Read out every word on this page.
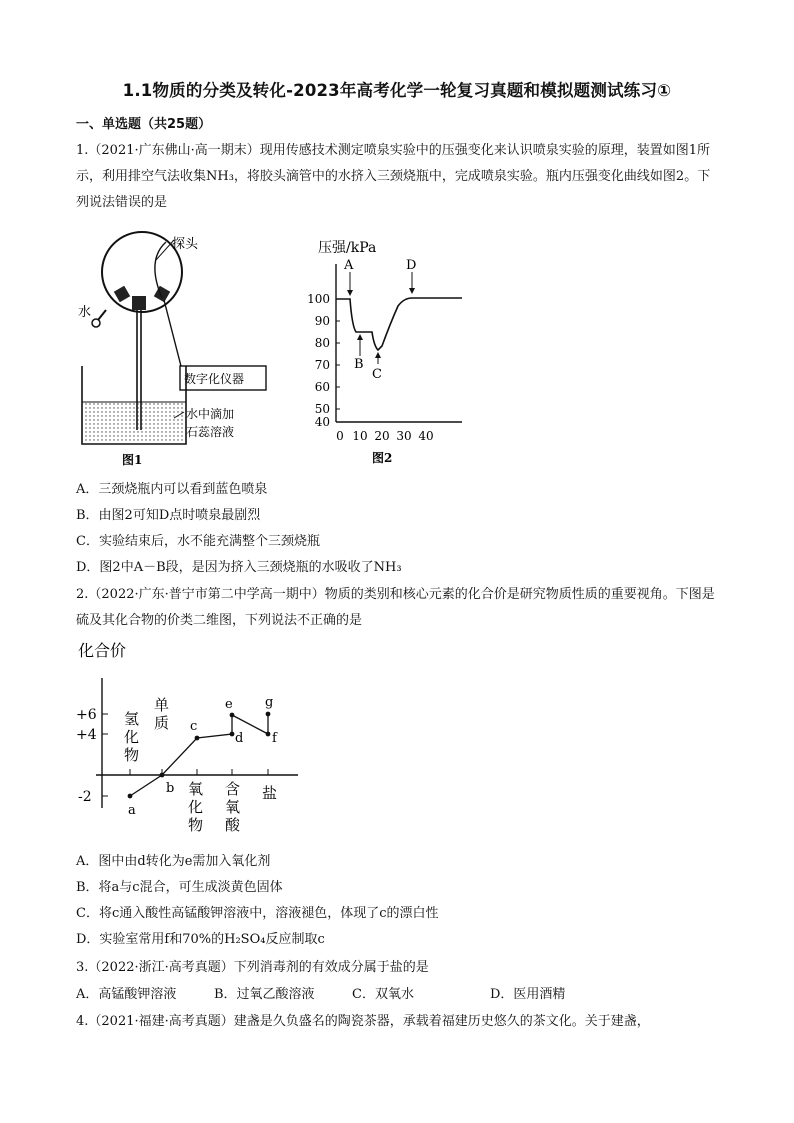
1.1物质的分类及转化-2023年高考化学一轮复习真题和模拟题测试练习①
一、单选题（共25题）
1.（2021·广东佛山·高一期末）现用传感技术测定喷泉实验中的压强变化来认识喷泉实验的原理，装置如图1所示，利用排空气法收集NH₃，将胶头滴管中的水挤入三颈烧瓶中，完成喷泉实验。瓶内压强变化曲线如图2。下列说法错误的是
探头
水
数字化仪器
水中滴加
石蕊溶液
图1
压强/kPa
100
90
80
70
60
50
40
0 10 20 30 40
A
B
C
D
图2
A．三颈烧瓶内可以看到蓝色喷泉
B．由图2可知D点时喷泉最剧烈
C．实验结束后，水不能充满整个三颈烧瓶
D．图2中A－B段，是因为挤入三颈烧瓶的水吸收了NH₃
2.（2022·广东·普宁市第二中学高一期中）物质的类别和核心元素的化合价是研究物质性质的重要视角。下图是硫及其化合物的价类二维图，下列说法不正确的是
化合价
+6
+4
-2
氢化物
单质
氧化物
含氧酸
盐
a
b
c
d
e
f
g
A．图中由d转化为e需加入氧化剂
B．将a与c混合，可生成淡黄色固体
C．将c通入酸性高锰酸钾溶液中，溶液褪色，体现了c的漂白性
D．实验室常用f和70%的H₂SO₄反应制取c
3.（2022·浙江·高考真题）下列消毒剂的有效成分属于盐的是
A．高锰酸钾溶液	B．过氧乙酸溶液	C．双氧水	D．医用酒精
4.（2021·福建·高考真题）建盏是久负盛名的陶瓷茶器，承载着福建历史悠久的茶文化。关于建盏，
